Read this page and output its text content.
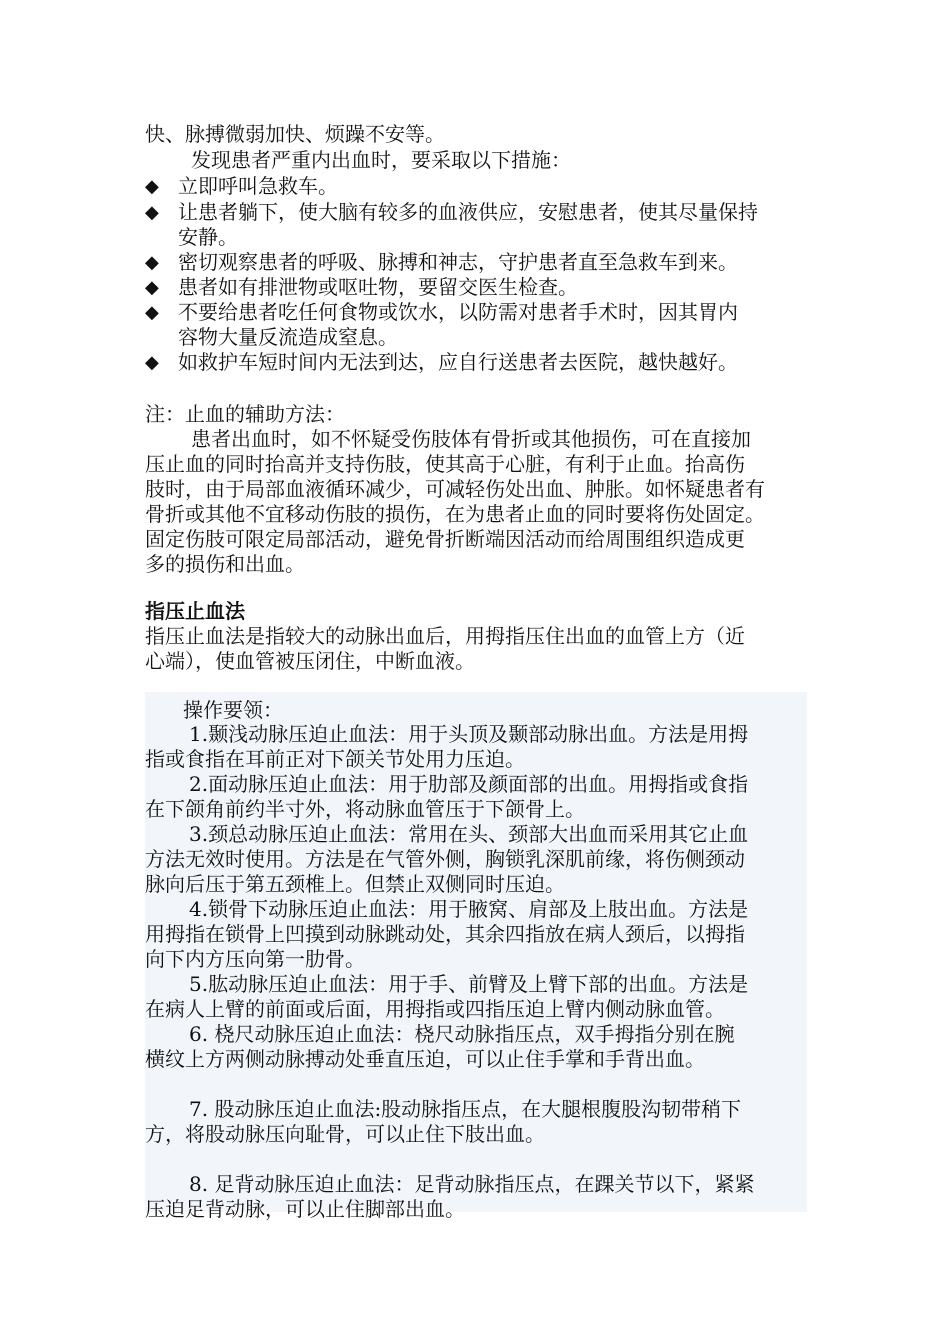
快、脉搏微弱加快、烦躁不安等。
发现患者严重内出血时，要采取以下措施：
◆ 立即呼叫急救车。
◆ 让患者躺下，使大脑有较多的血液供应，安慰患者，使其尽量保持
安静。
◆ 密切观察患者的呼吸、脉搏和神志，守护患者直至急救车到来。
◆ 患者如有排泄物或呕吐物，要留交医生检查。
◆ 不要给患者吃任何食物或饮水，以防需对患者手术时，因其胃内
容物大量反流造成窒息。
◆ 如救护车短时间内无法到达，应自行送患者去医院，越快越好。
注：止血的辅助方法：
患者出血时，如不怀疑受伤肢体有骨折或其他损伤，可在直接加
压止血的同时抬高并支持伤肢，使其高于心脏，有利于止血。抬高伤
肢时，由于局部血液循环减少，可减轻伤处出血、肿胀。如怀疑患者有
骨折或其他不宜移动伤肢的损伤，在为患者止血的同时要将伤处固定。
固定伤肢可限定局部活动，避免骨折断端因活动而给周围组织造成更
多的损伤和出血。
指压止血法
指压止血法是指较大的动脉出血后，用拇指压住出血的血管上方（近
心端），使血管被压闭住，中断血液。
操作要领：
1.颞浅动脉压迫止血法：用于头顶及颞部动脉出血。方法是用拇
指或食指在耳前正对下颌关节处用力压迫。
2.面动脉压迫止血法：用于肋部及颜面部的出血。用拇指或食指
在下颌角前约半寸外，将动脉血管压于下颌骨上。
3.颈总动脉压迫止血法：常用在头、颈部大出血而采用其它止血
方法无效时使用。方法是在气管外侧，胸锁乳深肌前缘，将伤侧颈动
脉向后压于第五颈椎上。但禁止双侧同时压迫。
4.锁骨下动脉压迫止血法：用于腋窝、肩部及上肢出血。方法是
用拇指在锁骨上凹摸到动脉跳动处，其余四指放在病人颈后，以拇指
向下内方压向第一肋骨。
5.肱动脉压迫止血法：用于手、前臂及上臂下部的出血。方法是
在病人上臂的前面或后面，用拇指或四指压迫上臂内侧动脉血管。
6. 桡尺动脉压迫止血法：桡尺动脉指压点，双手拇指分别在腕
横纹上方两侧动脉搏动处垂直压迫，可以止住手掌和手背出血。
7. 股动脉压迫止血法:股动脉指压点，在大腿根腹股沟韧带稍下
方，将股动脉压向耻骨，可以止住下肢出血。
8. 足背动脉压迫止血法：足背动脉指压点，在踝关节以下，紧紧
压迫足背动脉，可以止住脚部出血。
